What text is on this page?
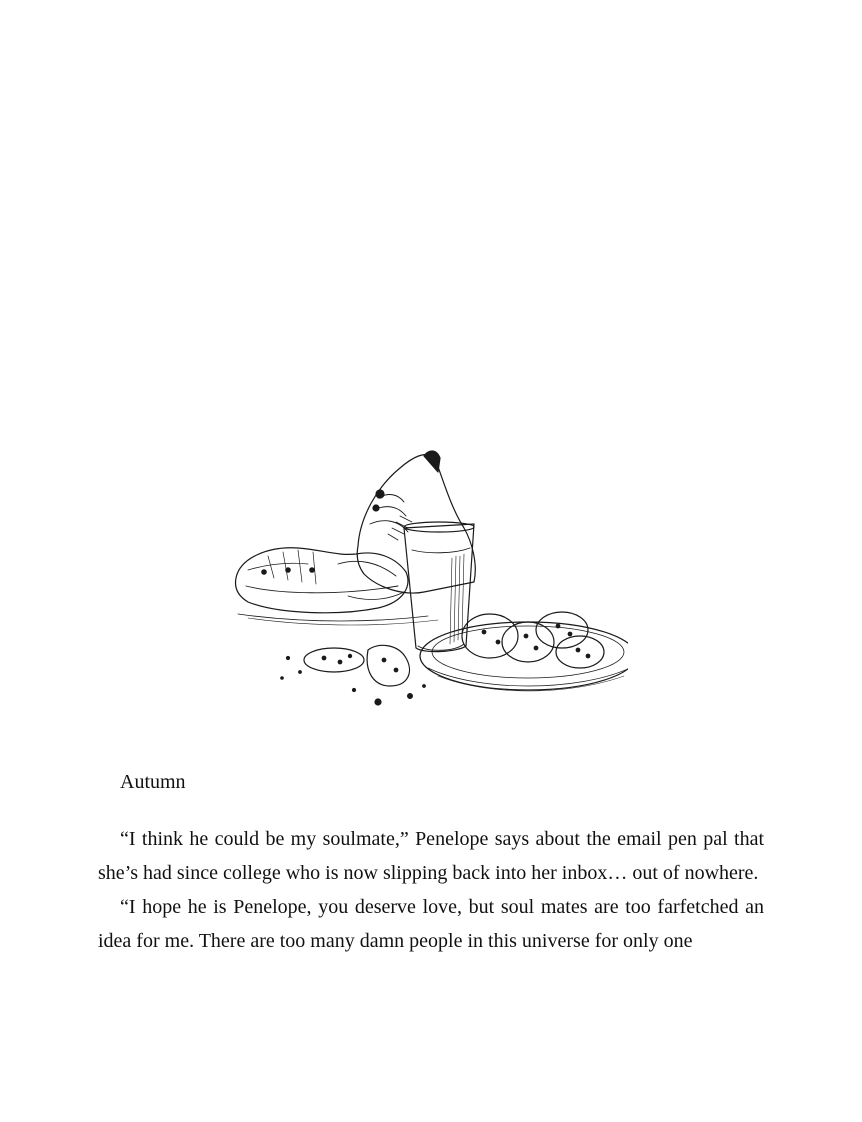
Autumn

“I think he could be my soulmate,” Penelope says about the email pen pal that she’s had since college who is now slipping back into her inbox… out of nowhere.

“I hope he is Penelope, you deserve love, but soul mates are too farfetched an idea for me. There are too many damn people in this universe for only one
